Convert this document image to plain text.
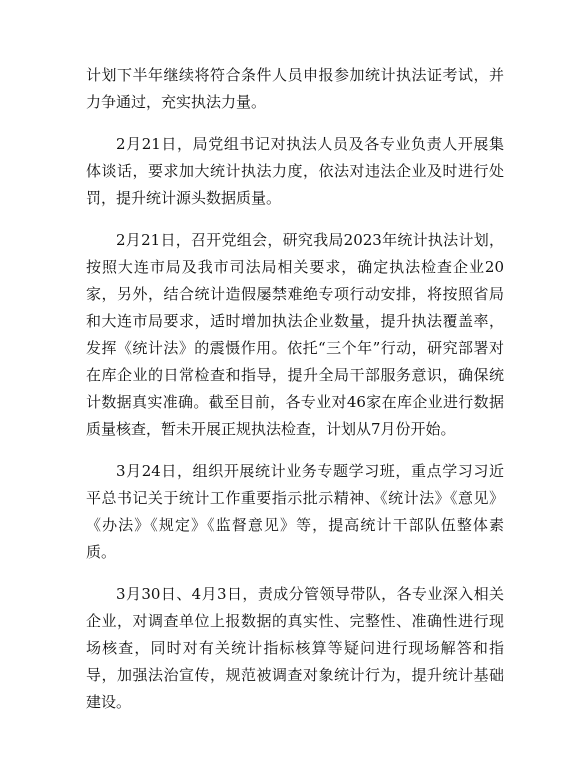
计划下半年继续将符合条件人员申报参加统计执法证考试，并力争通过，充实执法力量。

2月21日，局党组书记对执法人员及各专业负责人开展集体谈话，要求加大统计执法力度，依法对违法企业及时进行处罚，提升统计源头数据质量。

2月21日，召开党组会，研究我局2023年统计执法计划，按照大连市局及我市司法局相关要求，确定执法检查企业20家，另外，结合统计造假屡禁难绝专项行动安排，将按照省局和大连市局要求，适时增加执法企业数量，提升执法覆盖率，发挥《统计法》的震慑作用。依托“三个年”行动，研究部署对在库企业的日常检查和指导，提升全局干部服务意识，确保统计数据真实准确。截至目前，各专业对46家在库企业进行数据质量核查，暂未开展正规执法检查，计划从7月份开始。

3月24日，组织开展统计业务专题学习班，重点学习习近平总书记关于统计工作重要指示批示精神、《统计法》《意见》《办法》《规定》《监督意见》等，提高统计干部队伍整体素质。

3月30日、4月3日，责成分管领导带队，各专业深入相关企业，对调查单位上报数据的真实性、完整性、准确性进行现场核查，同时对有关统计指标核算等疑问进行现场解答和指导，加强法治宣传，规范被调查对象统计行为，提升统计基础建设。
